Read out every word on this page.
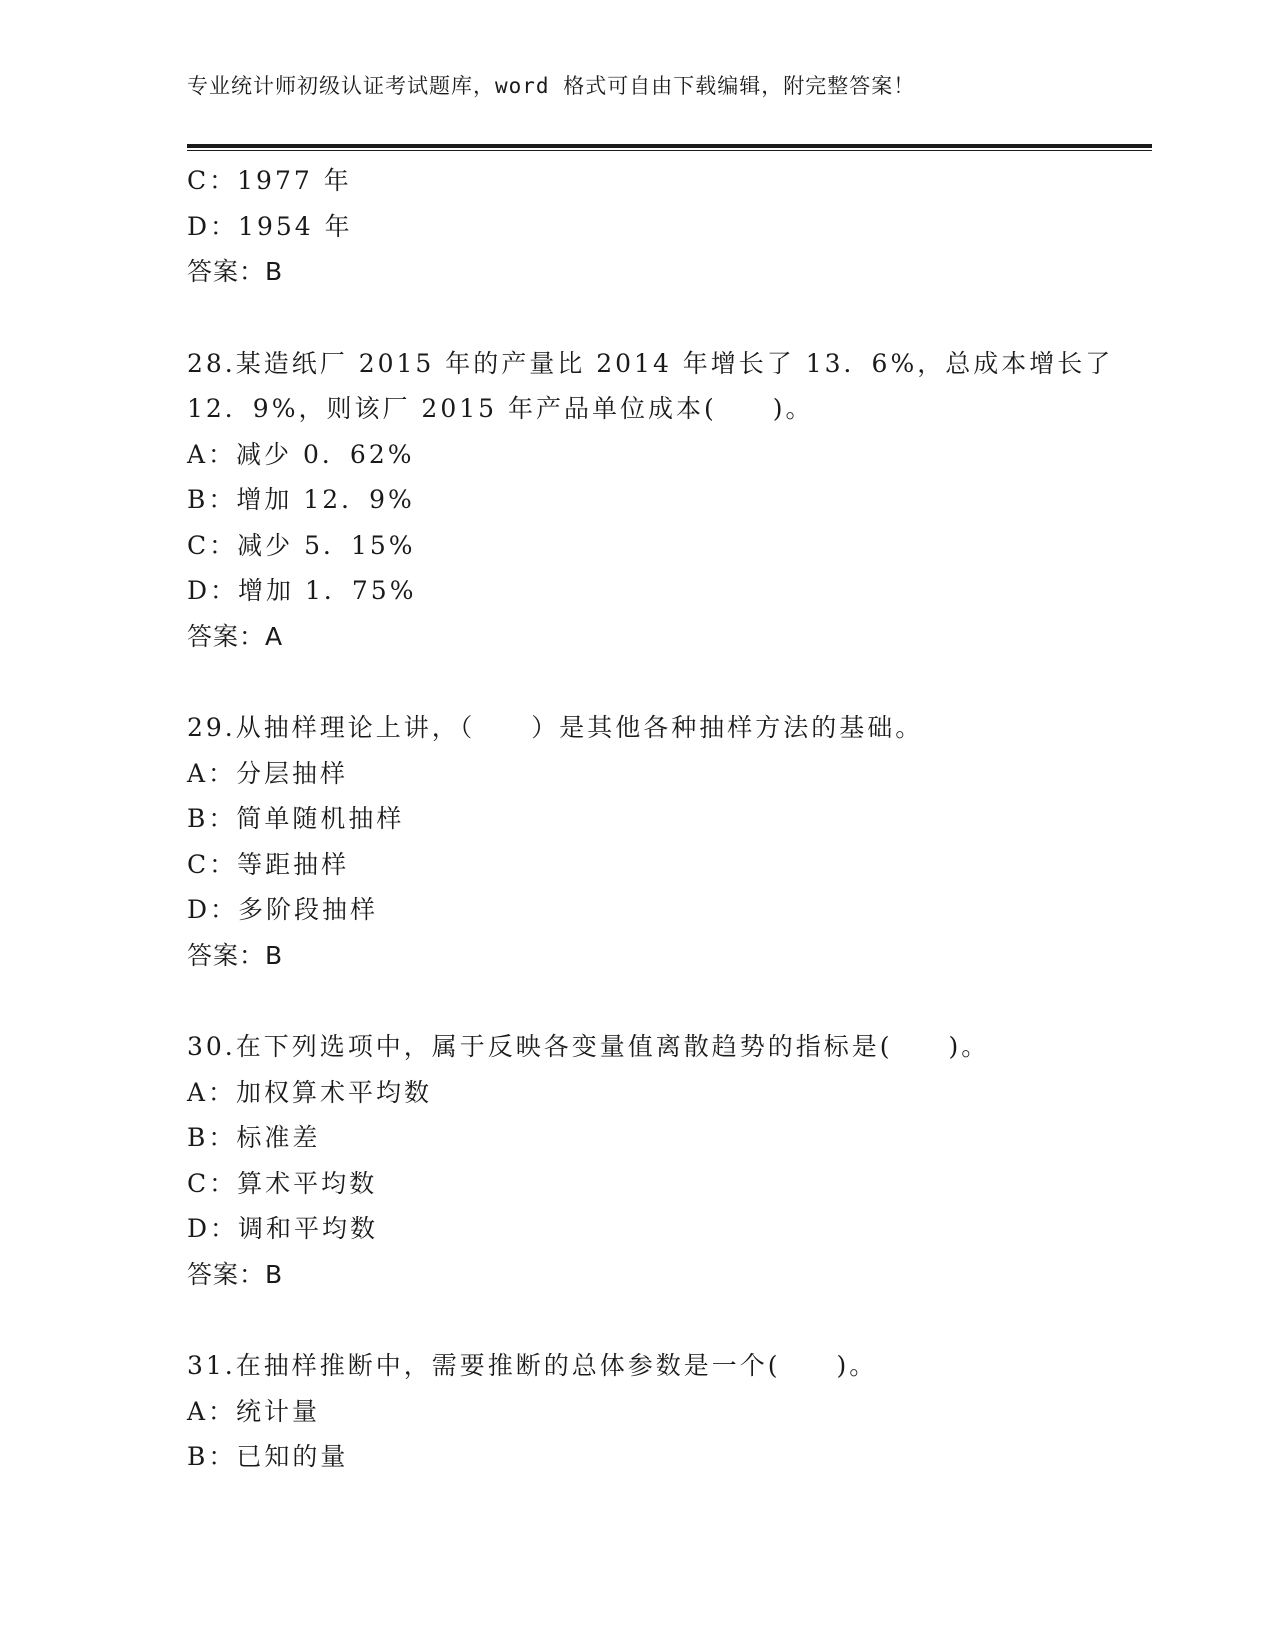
专业统计师初级认证考试题库，word 格式可自由下载编辑，附完整答案！
C：1977 年
D：1954 年
答案：B
28.某造纸厂 2015 年的产量比 2014 年增长了 13．6%，总成本增长了
12．9%，则该厂 2015 年产品单位成本(　　)。
A：减少 0．62%
B：增加 12．9%
C：减少 5．15%
D：增加 1．75%
答案：A
29.从抽样理论上讲，（　　）是其他各种抽样方法的基础。
A：分层抽样
B：简单随机抽样
C：等距抽样
D：多阶段抽样
答案：B
30.在下列选项中，属于反映各变量值离散趋势的指标是(　　)。
A：加权算术平均数
B：标准差
C：算术平均数
D：调和平均数
答案：B
31.在抽样推断中，需要推断的总体参数是一个(　　)。
A：统计量
B：已知的量
